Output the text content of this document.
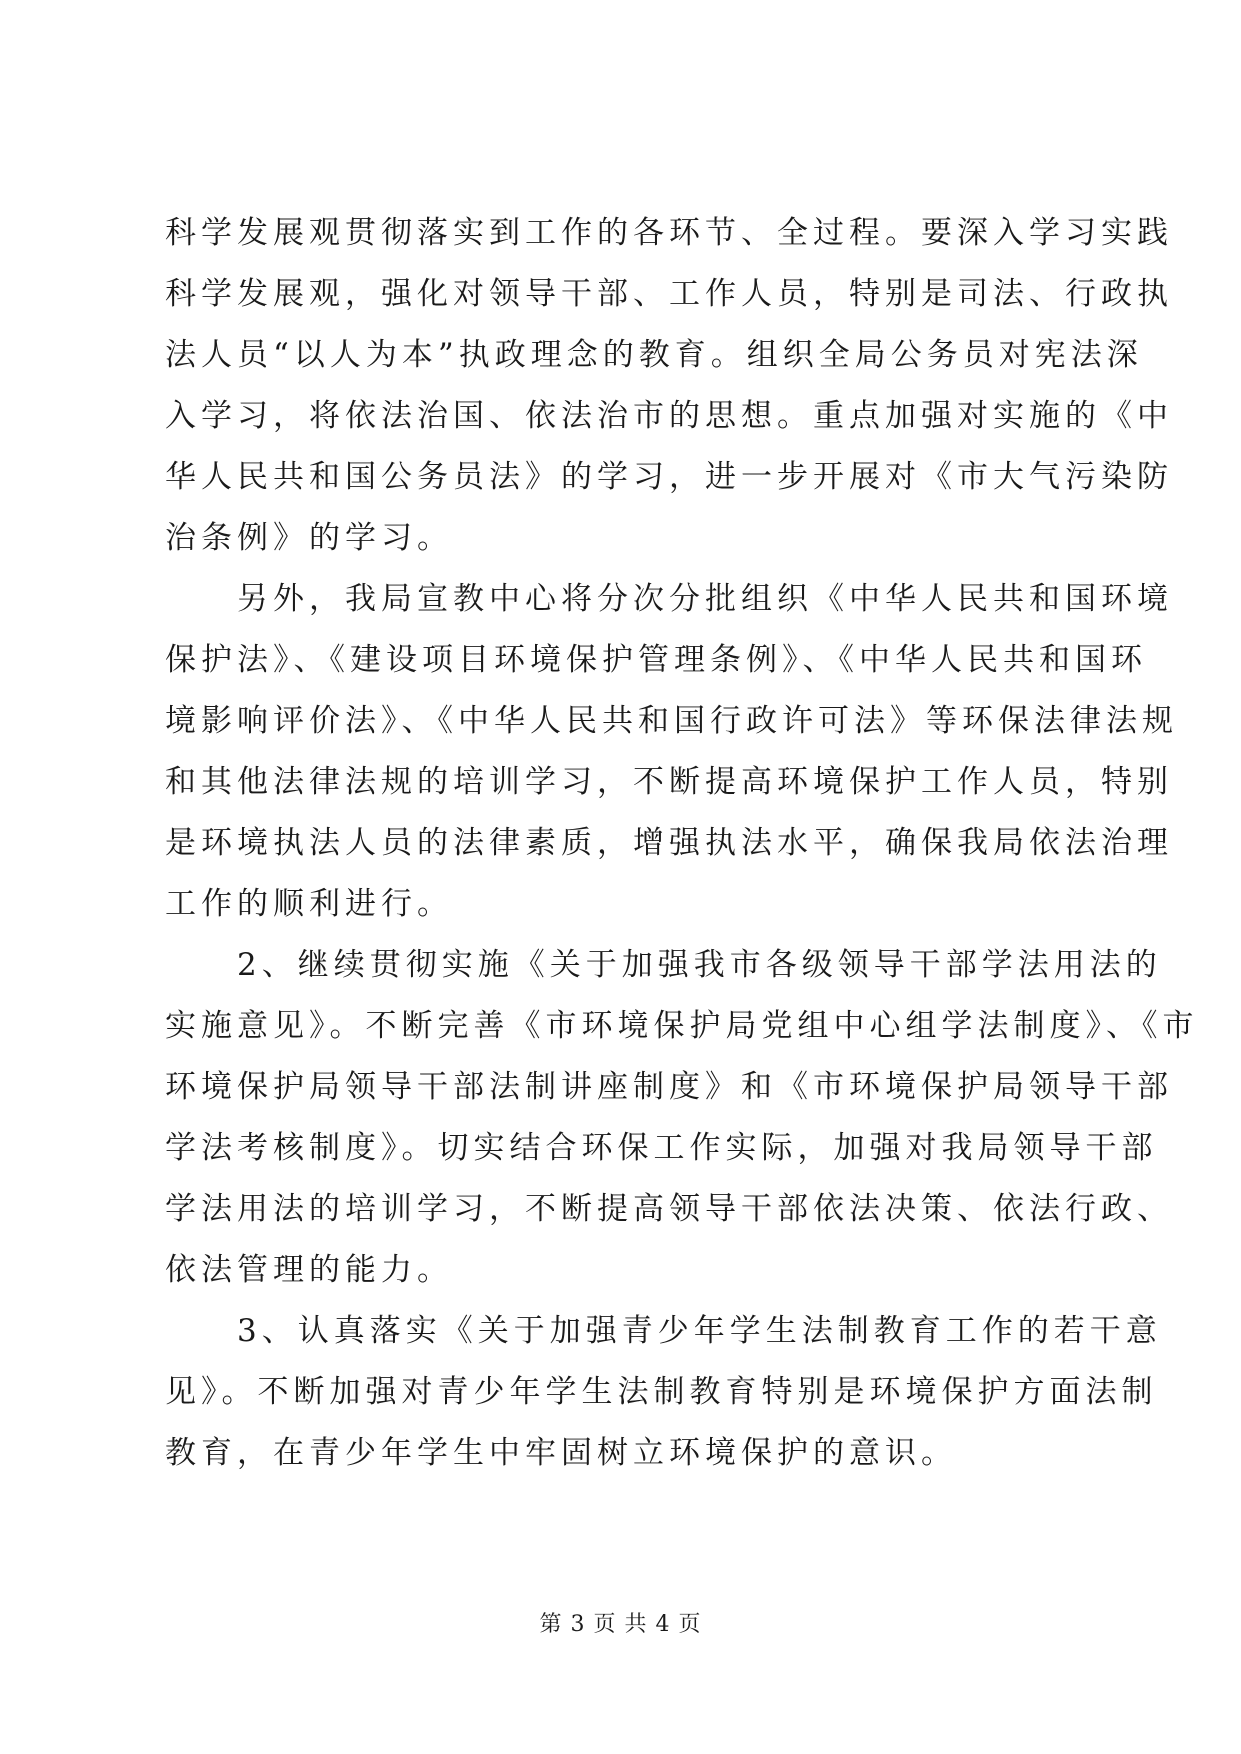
科学发展观贯彻落实到工作的各环节、全过程。要深入学习实践
科学发展观，强化对领导干部、工作人员，特别是司法、行政执
法人员“以人为本”执政理念的教育。组织全局公务员对宪法深
入学习，将依法治国、依法治市的思想。重点加强对实施的《中
华人民共和国公务员法》的学习，进一步开展对《市大气污染防
治条例》的学习。
另外，我局宣教中心将分次分批组织《中华人民共和国环境
保护法》、《建设项目环境保护管理条例》、《中华人民共和国环
境影响评价法》、《中华人民共和国行政许可法》等环保法律法规
和其他法律法规的培训学习，不断提高环境保护工作人员，特别
是环境执法人员的法律素质，增强执法水平，确保我局依法治理
工作的顺利进行。
2、继续贯彻实施《关于加强我市各级领导干部学法用法的
实施意见》。不断完善《市环境保护局党组中心组学法制度》、《市
环境保护局领导干部法制讲座制度》和《市环境保护局领导干部
学法考核制度》。切实结合环保工作实际，加强对我局领导干部
学法用法的培训学习，不断提高领导干部依法决策、依法行政、
依法管理的能力。
3、认真落实《关于加强青少年学生法制教育工作的若干意
见》。不断加强对青少年学生法制教育特别是环境保护方面法制
教育，在青少年学生中牢固树立环境保护的意识。
第 3 页 共 4 页
